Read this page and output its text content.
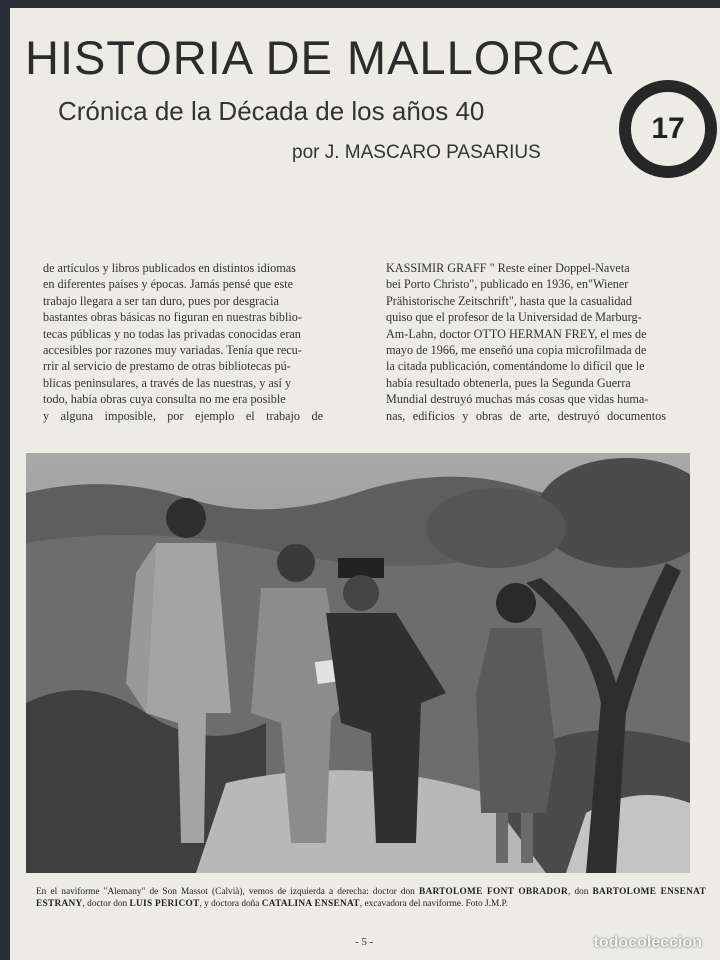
HISTORIA DE MALLORCA
Crónica de la Década de los años 40
por J. MASCARO PASARIUS
17
de artículos y libros publicados en distintos idiomas
en diferentes países y épocas. Jamás pensé que este
trabajo llegara a ser tan duro, pues por desgracia
bastantes obras básicas no figuran en nuestras biblio-
tecas públicas y no todas las privadas conocidas eran
accesibles por razones muy variadas. Tenía que recu-
rrir al servicio de prestamo de otras bibliotecas pú-
blicas peninsulares, a través de las nuestras, y así y
todo, había obras cuya consulta no me era posible
y alguna imposible, por ejemplo el trabajo de
KASSIMIR GRAFF " Reste einer Doppel-Naveta
bei Porto Christo", publicado en 1936, en"Wiener
Prähistorische Zeitschrift", hasta que la casualidad
quiso que el profesor de la Universidad de Marburg-
Am-Lahn, doctor OTTO HERMAN FREY, el mes de
mayo de 1966, me enseñó una copia microfilmada de
la citada publicación, comentándome lo difícil que le
había resultado obtenerla, pues la Segunda Guerra
Mundial destruyó muchas más cosas que vidas huma-
nas, edificios y obras de arte, destruyó documentos
En el naviforme "Alemany" de Son Massot (Calvià), vemos de izquierda a derecha: doctor don BARTOLOME FONT OBRADOR, don BARTOLOME ENSENAT ESTRANY, doctor don LUIS PERICOT, y doctora doña CATALINA ENSENAT, excavadora del naviforme. Foto J.M.P.
- 5 -	todocoleccion
